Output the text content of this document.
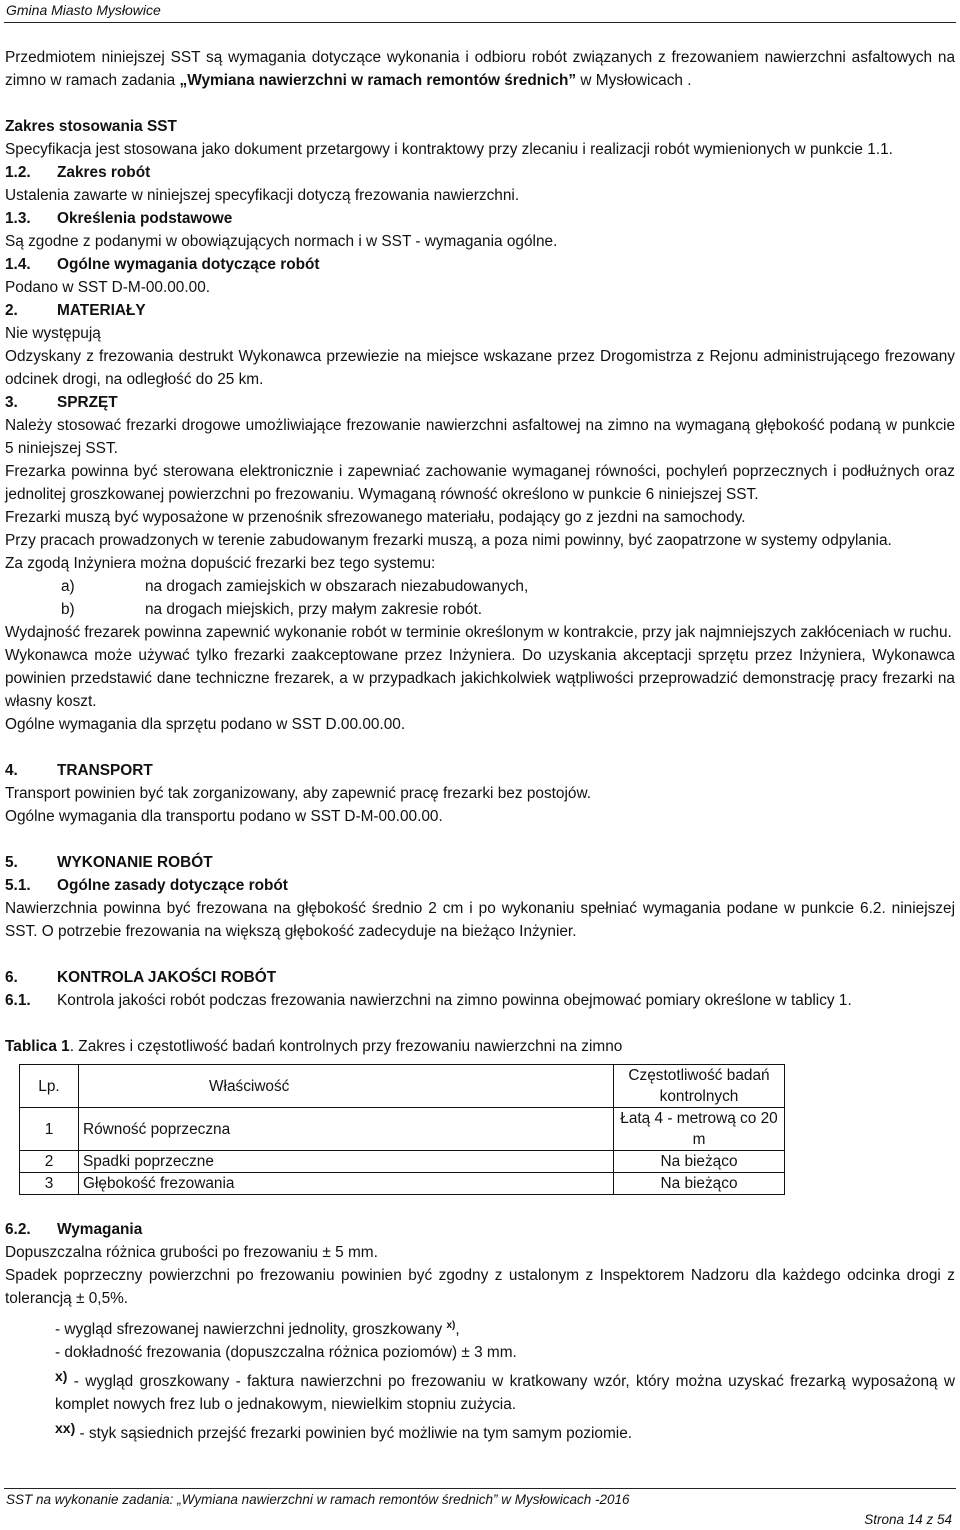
Gmina Miasto Mysłowice

Przedmiotem niniejszej SST są wymagania dotyczące wykonania i odbioru robót związanych z frezowaniem nawierzchni asfaltowych na zimno w ramach zadania „Wymiana nawierzchni w ramach remontów średnich” w Mysłowicach .

Zakres stosowania SST

Specyfikacja jest stosowana jako dokument przetargowy i kontraktowy przy zlecaniu i realizacji robót wymienionych w punkcie 1.1.

1.2. Zakres robót

Ustalenia zawarte w niniejszej specyfikacji dotyczą frezowania nawierzchni.

1.3. Określenia podstawowe

Są zgodne z podanymi w obowiązujących normach i w SST - wymagania ogólne.

1.4. Ogólne wymagania dotyczące robót

Podano w SST D-M-00.00.00.

2.	MATERIAŁY

Nie występują

Odzyskany z frezowania destrukt Wykonawca przewiezie na miejsce wskazane przez Drogomistrza z Rejonu administrującego frezowany odcinek drogi, na odległość do 25 km.

3.	SPRZĘT

Należy stosować frezarki drogowe umożliwiające frezowanie nawierzchni asfaltowej na zimno na wymaganą głębokość podaną w punkcie 5 niniejszej SST.

Frezarka powinna być sterowana elektronicznie i zapewniać zachowanie wymaganej równości, pochyleń poprzecznych i podłużnych oraz jednolitej groszkowanej powierzchni po frezowaniu. Wymaganą równość określono w punkcie 6 niniejszej SST.

Frezarki muszą być wyposażone w przenośnik sfrezowanego materiału, podający go z jezdni na samochody.

Przy pracach prowadzonych w terenie zabudowanym frezarki muszą, a poza nimi powinny, być zaopatrzone w systemy odpylania.

Za zgodą Inżyniera można dopuścić frezarki bez tego systemu:

a)	na drogach zamiejskich w obszarach niezabudowanych,
b)	na drogach miejskich, przy małym zakresie robót.

Wydajność frezarek powinna zapewnić wykonanie robót w terminie określonym w kontrakcie, przy jak najmniejszych zakłóceniach w ruchu.

Wykonawca może używać tylko frezarki zaakceptowane przez Inżyniera. Do uzyskania akceptacji sprzętu przez Inżyniera, Wykonawca powinien przedstawić dane techniczne frezarek, a w przypadkach jakichkolwiek wątpliwości przeprowadzić demonstrację pracy frezarki na własny koszt.

Ogólne wymagania dla sprzętu podano w SST D.00.00.00.

4.	TRANSPORT

Transport powinien być tak zorganizowany, aby zapewnić pracę frezarki bez postojów.

Ogólne wymagania dla transportu podano w SST D-M-00.00.00.

5.	WYKONANIE ROBÓT

5.1. Ogólne zasady dotyczące robót

Nawierzchnia powinna być frezowana na głębokość średnio 2 cm i po wykonaniu spełniać wymagania podane w punkcie 6.2. niniejszej SST. O potrzebie frezowania na większą głębokość zadecyduje na bieżąco Inżynier.

6.	KONTROLA JAKOŚCI ROBÓT

6.1. Kontrola jakości robót podczas frezowania nawierzchni na zimno powinna obejmować pomiary określone w tablicy 1.

Tablica 1. Zakres i częstotliwość badań kontrolnych przy frezowaniu nawierzchni na zimno

Lp.	Właściwość	Częstotliwość badań
kontrolnych

1	Równość poprzeczna	Łatą 4 - metrową co 20 m
2	Spadki poprzeczne	Na bieżąco
3	Głębokość frezowania	Na bieżąco

6.2. Wymagania

Dopuszczalna różnica grubości po frezowaniu ± 5 mm.

Spadek poprzeczny powierzchni po frezowaniu powinien być zgodny z ustalonym z Inspektorem Nadzoru dla każdego odcinka drogi z tolerancją ± 0,5%.

- wygląd sfrezowanej nawierzchni jednolity, groszkowany $^{x)}$,

- dokładność frezowania (dopuszczalna różnica poziomów) ± 3 mm.

x) - wygląd groszkowany - faktura nawierzchni po frezowaniu w kratkowany wzór, który można uzyskać frezarką wyposażoną w komplet nowych frez lub o jednakowym, niewielkim stopniu zużycia.

xx) - styk sąsiednich przejść frezarki powinien być możliwie na tym samym poziomie.

SST na wykonanie zadania: „Wymiana nawierzchni w ramach remontów średnich” w Mysłowicach -2016
Strona 14 z 54
